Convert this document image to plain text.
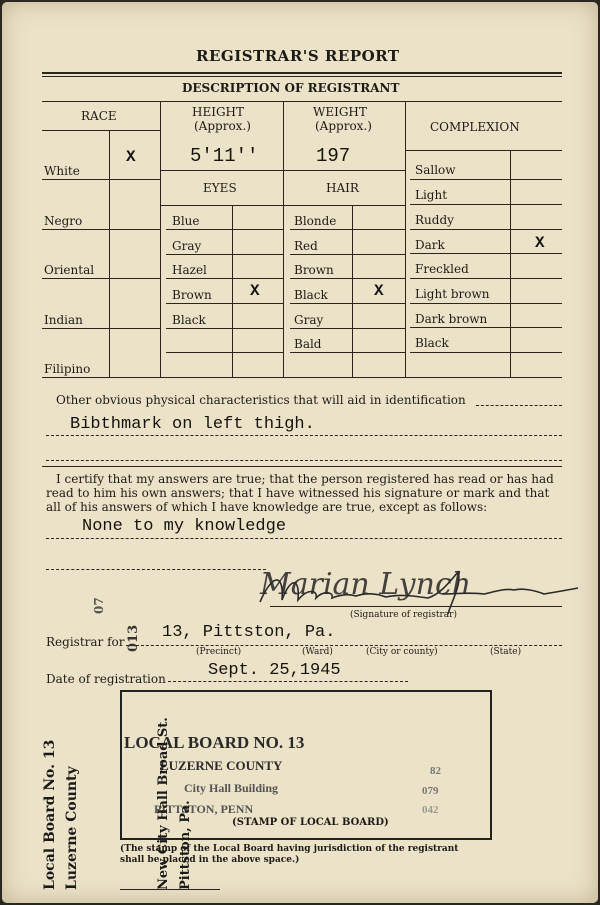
REGISTRAR'S REPORT
DESCRIPTION OF REGISTRANT
RACE
White
X
Negro
Oriental
Indian
Filipino
HEIGHT
(Approx.)
5'11''
WEIGHT
(Approx.)
197
EYES
Blue
Gray
Hazel
Brown X
Black
HAIR
Blonde
Red
Brown
Black	X
Gray
Bald
COMPLEXION
Sallow
Light
Ruddy
Dark	X
Freckled
Light brown
Dark brown
Black
Other obvious physical characteristics that will aid in identification
Bibthmark on left thigh.
I certify that my answers are true; that the person registered has read or has had
read to him his own answers; that I have witnessed his signature or mark and that
all of his answers of which I have knowledge are true, except as follows:
None to my knowledge
Marian Lynch
(Signature of registrar)
Registrar for 13, Pittston, Pa.
(Precinct)	(Ward)	(City or county)	(State)
Date of registration Sept. 25,1945
LOCAL BOARD NO. 13
LUZERNE COUNTY
City Hall Building
PITTSTON, PENN
82
079
042
(STAMP OF LOCAL BOARD)
(The stamp of the Local Board having jurisdiction of the registrant
shall be placed in the above space.)
Local Board No. 13 Luzerne County	New City Hall Broad St. Pittston, Pa.
013
07
